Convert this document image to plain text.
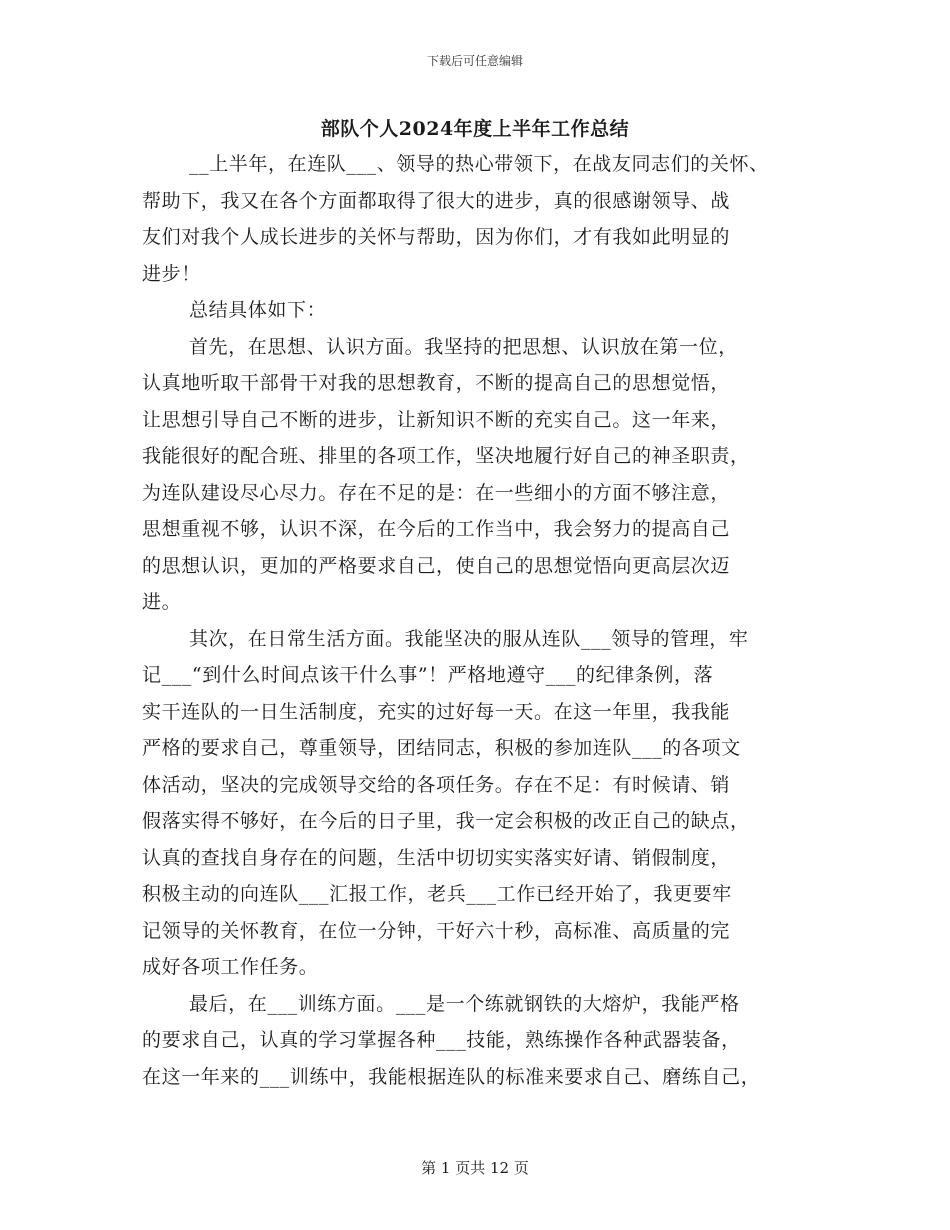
下载后可任意编辑
部队个人2024年度上半年工作总结

__上半年，在连队___、领导的热心带领下，在战友同志们的关怀、

帮助下，我又在各个方面都取得了很大的进步，真的很感谢领导、战

友们对我个人成长进步的关怀与帮助，因为你们，才有我如此明显的

进步！

总结具体如下：

首先，在思想、认识方面。我坚持的把思想、认识放在第一位，

认真地听取干部骨干对我的思想教育，不断的提高自己的思想觉悟，

让思想引导自己不断的进步，让新知识不断的充实自己。这一年来，

我能很好的配合班、排里的各项工作，坚决地履行好自己的神圣职责，

为连队建设尽心尽力。存在不足的是：在一些细小的方面不够注意，

思想重视不够，认识不深，在今后的工作当中，我会努力的提高自己

的思想认识，更加的严格要求自己，使自己的思想觉悟向更高层次迈

进。

其次，在日常生活方面。我能坚决的服从连队___领导的管理，牢

记___“到什么时间点该干什么事”！严格地遵守___的纪律条例，落

实干连队的一日生活制度，充实的过好每一天。在这一年里，我我能

严格的要求自己，尊重领导，团结同志，积极的参加连队___的各项文

体活动，坚决的完成领导交给的各项任务。存在不足：有时候请、销

假落实得不够好，在今后的日子里，我一定会积极的改正自己的缺点，

认真的查找自身存在的问题，生活中切切实实落实好请、销假制度，

积极主动的向连队___汇报工作，老兵___工作已经开始了，我更要牢

记领导的关怀教育，在位一分钟，干好六十秒，高标准、高质量的完

成好各项工作任务。

最后，在___训练方面。___是一个练就钢铁的大熔炉，我能严格

的要求自己，认真的学习掌握各种___技能，熟练操作各种武器装备，

在这一年来的___训练中，我能根据连队的标准来要求自己、磨练自己，

第 1 页共 12 页
